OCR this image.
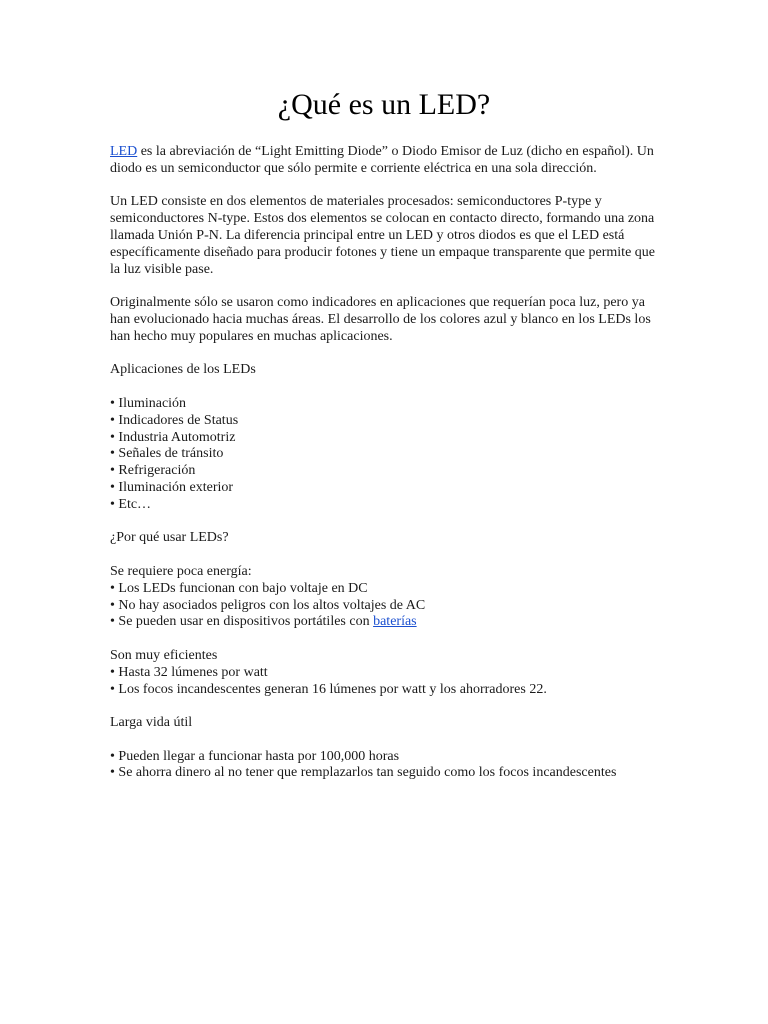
¿Qué es un LED?

LED es la abreviación de “Light Emitting Diode” o Diodo Emisor de Luz (dicho en español). Un diodo es un semiconductor que sólo permite e corriente eléctrica en una sola dirección.

Un LED consiste en dos elementos de materiales procesados: semiconductores P-type y semiconductores N-type. Estos dos elementos se colocan en contacto directo, formando una zona llamada Unión P-N. La diferencia principal entre un LED y otros diodos es que el LED está específicamente diseñado para producir fotones y tiene un empaque transparente que permite que la luz visible pase.

Originalmente sólo se usaron como indicadores en aplicaciones que requerían poca luz, pero ya han evolucionado hacia muchas áreas. El desarrollo de los colores azul y blanco en los LEDs los han hecho muy populares en muchas aplicaciones.

Aplicaciones de los LEDs

• Iluminación
• Indicadores de Status
• Industria Automotriz
• Señales de tránsito
• Refrigeración
• Iluminación exterior
• Etc…

¿Por qué usar LEDs?

Se requiere poca energía:
• Los LEDs funcionan con bajo voltaje en DC
• No hay asociados peligros con los altos voltajes de AC
• Se pueden usar en dispositivos portátiles con baterías
Son muy eficientes
• Hasta 32 lúmenes por watt
• Los focos incandescentes generan 16 lúmenes por watt y los ahorradores 22.

Larga vida útil

• Pueden llegar a funcionar hasta por 100,000 horas
• Se ahorra dinero al no tener que remplazarlos tan seguido como los focos incandescentes
